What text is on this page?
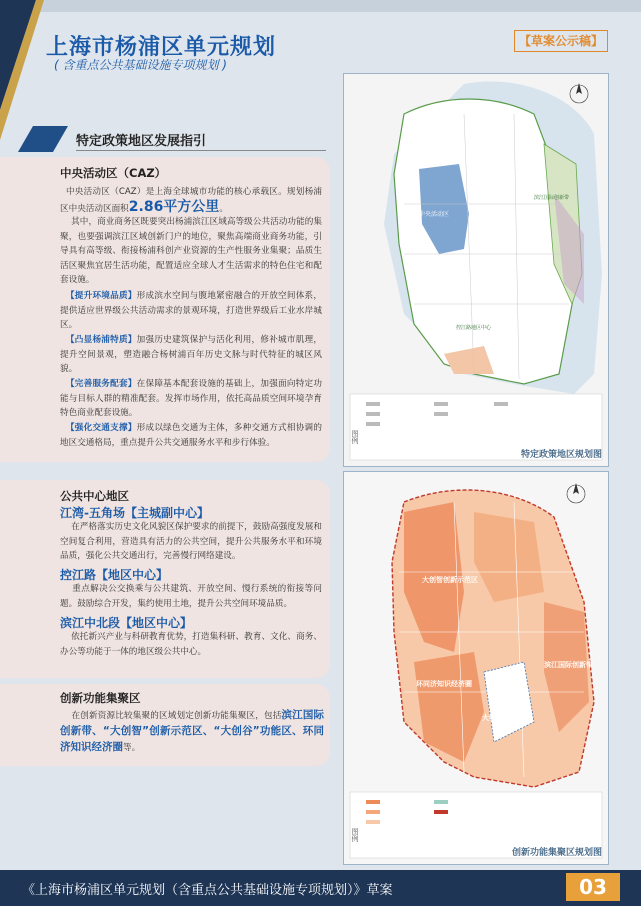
上海市杨浦区单元规划
( 含重点公共基础设施专项规划 )
【草案公示稿】
特定政策地区发展指引
中央活动区（CAZ）
中央活动区（CAZ）是上海全球城市功能的核心承载区。规划杨浦区中央活动区面积2.86平方公里。
其中，商业商务区既要突出杨浦滨江区域高等级公共活动功能的集聚，也要强调滨江区域创新门户的地位，聚焦高端商业商务功能，引导具有高等级、衔接杨浦科创产业资源的生产性服务业集聚；品质生活区聚焦宜居生活功能，配置适应全球人才生活需求的特色住宅和配套设施。
【提升环境品质】形成滨水空间与腹地紧密融合的开放空间体系，提供适应世界级公共活动需求的景观环境，打造世界级后工业水岸城区。
【凸显杨浦特质】加强历史建筑保护与活化利用，修补城市肌理，提升空间景观，塑造融合杨树浦百年历史文脉与时代特征的城区风貌。
【完善服务配套】在保障基本配套设施的基础上，加强面向特定功能与目标人群的精准配套。发挥市场作用，依托高品质空间环境孕育特色商业配套设施。
【强化交通支撑】形成以绿色交通为主体，多种交通方式相协调的地区交通格局，重点提升公共交通服务水平和步行体验。
公共中心地区
江湾-五角场【主城副中心】
在严格落实历史文化风貌区保护要求的前提下，鼓励高强度发展和空间复合利用，营造具有活力的公共空间，提升公共服务水平和环境品质，强化公共交通出行，完善慢行网络建设。
控江路【地区中心】
重点解决公交换乘与公共建筑、开放空间、慢行系统的衔接等问题。鼓励综合开发，集约使用土地，提升公共空间环境品质。
滨江中北段【地区中心】
依托新兴产业与科研教育优势，打造集科研、教育、文化、商务、办公等功能于一体的地区级公共中心。
创新功能集聚区
在创新资源比较集聚的区域划定创新功能集聚区，包括滨江国际创新带、“大创智”创新示范区、“大创谷”功能区、环同济知识经济圈等。
中央活动区
滨江国际创新带
控江路地区中心
图例
特定政策地区规划图
大创智创新示范区
环同济知识经济圈
大创谷功能区
滨江国际创新带
图例
创新功能集聚区规划图
《上海市杨浦区单元规划（含重点公共基础设施专项规划）》草案	03
